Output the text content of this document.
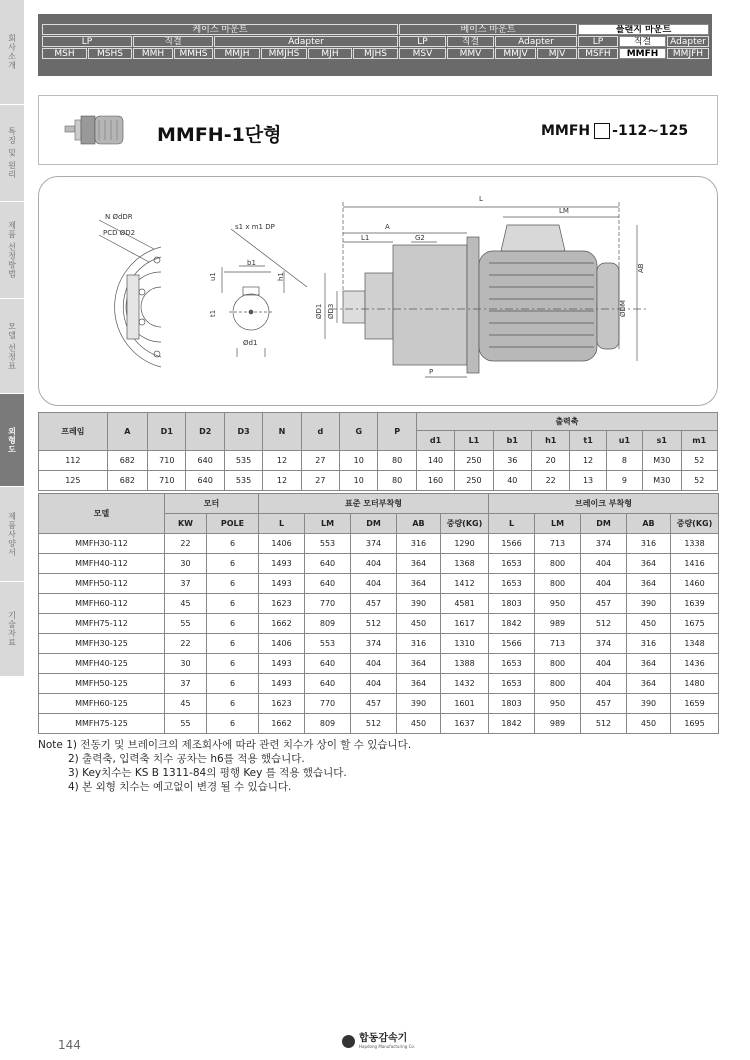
회사소개
특징 및 원리
제품 선정방법
모델 선정표
외형도
제품사양서
기술자료
케이스 마운트	베이스 마운트	플랜지 마운트
LP	직결	Adapter	LP	직결	Adapter	LP	직결	Adapter
MSH	MSHS	MMH	MMHS	MMJH	MMJHS	MJH	MJHS	MSV	MMV	MMJV	MJV	MSFH	MMFH	MMJFH
MMFH-1단형	MMFH -112~125
N ØdDR
PCD ØD2
s1 x m1 DP
b1
u1	h1
t1
Ød1
L
LM
A
L1	G2
AB
ØD1 ØD3	ØDM
P
프레임	A	D1	D2	D3	N	d	G	P	출력축							
									d1	L1	b1	h1	t1	u1	s1	m1
112	682	710	640	535	12	27	10	80	140	250	36	20	12	8	M30	52
125	682	710	640	535	12	27	10	80	160	250	40	22	13	9	M30	52
모델	모터		표준 모터부착형					브레이크 부착형				
	KW	POLE	L	LM	DM	AB	중량(KG)	L	LM	DM	AB	중량(KG)
MMFH30-112	22	6	1406	553	374	316	1290	1566	713	374	316	1338
MMFH40-112	30	6	1493	640	404	364	1368	1653	800	404	364	1416
MMFH50-112	37	6	1493	640	404	364	1412	1653	800	404	364	1460
MMFH60-112	45	6	1623	770	457	390	4581	1803	950	457	390	1639
MMFH75-112	55	6	1662	809	512	450	1617	1842	989	512	450	1675
MMFH30-125	22	6	1406	553	374	316	1310	1566	713	374	316	1348
MMFH40-125	30	6	1493	640	404	364	1388	1653	800	404	364	1436
MMFH50-125	37	6	1493	640	404	364	1432	1653	800	404	364	1480
MMFH60-125	45	6	1623	770	457	390	1601	1803	950	457	390	1659
MMFH75-125	55	6	1662	809	512	450	1637	1842	989	512	450	1695
Note 1) 전동기 및 브레이크의 제조회사에 따라 관련 치수가 상이 할 수 있습니다.
2) 출력축, 입력축 치수 공차는 h6를 적용 했습니다.
3) Key치수는 KS B 1311-84의 평행 Key 를 적용 했습니다.
4) 본 외형 치수는 예고없이 변경 될 수 있습니다.
144	합동감속기
Hapdong Manufacturing Co.
